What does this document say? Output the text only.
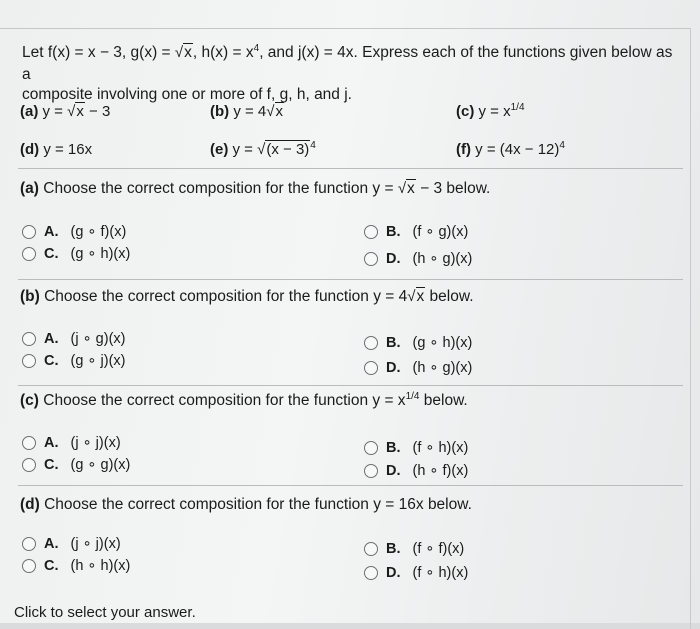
Let f(x) = x − 3, g(x) = √x, $h(x) = x^4$, and j(x) = 4x. Express each of the functions given below as a
composite involving one or more of f, g, h, and j.
(a) y = √x − 3	(b) y = 4√x	(c) $y = x^{1/4}$
(d) y = 16x	(e) $y = √(x - 3)^4$	(f) $y = (4x - 12)^4$
(a) Choose the correct composition for the function y = √x − 3 below.
A. (g ∘ f)(x)	B. (f ∘ g)(x)
C. (g ∘ h)(x)	D. (h ∘ g)(x)
(b) Choose the correct composition for the function y = 4√x below.
A. (j ∘ g)(x)	B. (g ∘ h)(x)
C. (g ∘ j)(x)	D. (h ∘ g)(x)
(c) Choose the correct composition for the function $y = x^{1/4}$ below.
A. (j ∘ j)(x)	B. (f ∘ h)(x)
C. (g ∘ g)(x)	D. (h ∘ f)(x)
(d) Choose the correct composition for the function y = 16x below.
A. (j ∘ j)(x)	B. (f ∘ f)(x)
C. (h ∘ h)(x)	D. (f ∘ h)(x)
Click to select your answer.
